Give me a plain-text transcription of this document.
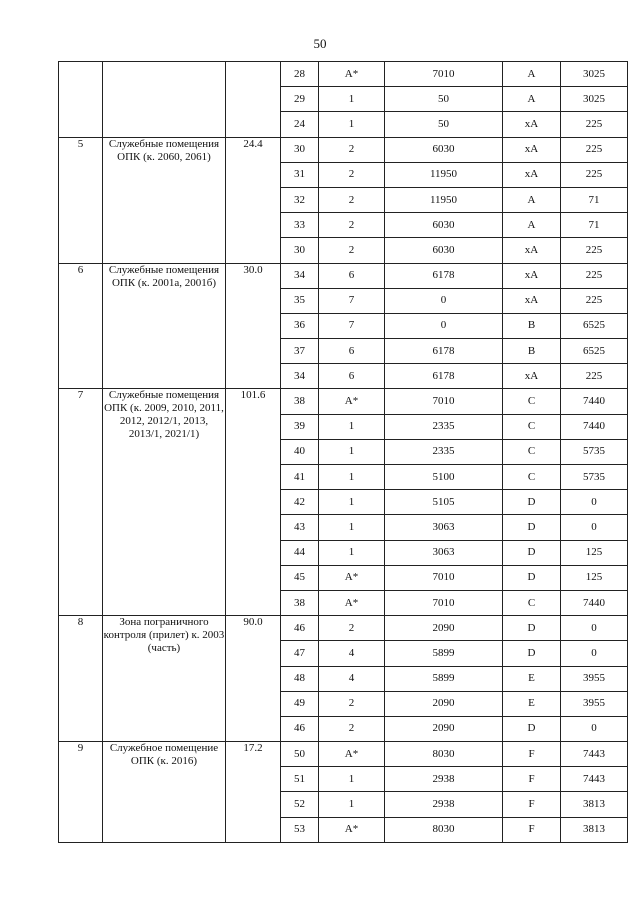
50
			28	А*	7010	A	3025
			29	1	50	A	3025
			24	1	50	xA	225
5	Служебные помещения ОПК (к. 2060, 2061)	24.4	30	2	6030	xA	225
			31	2	11950	xA	225
			32	2	11950	A	71
			33	2	6030	A	71
			30	2	6030	xA	225
6	Служебные помещения ОПК (к. 2001а, 2001б)	30.0	34	6	6178	xA	225
			35	7	0	xA	225
			36	7	0	B	6525
			37	6	6178	B	6525
			34	6	6178	xA	225
7	Служебные помещения ОПК (к. 2009, 2010, 2011, 2012, 2012/1, 2013, 2013/1, 2021/1)	101.6	38	А*	7010	C	7440
			39	1	2335	C	7440
			40	1	2335	C	5735
			41	1	5100	C	5735
			42	1	5105	D	0
			43	1	3063	D	0
			44	1	3063	D	125
			45	А*	7010	D	125
			38	А*	7010	C	7440
8	Зона пограничного контроля (прилет) к. 2003 (часть)	90.0	46	2	2090	D	0
			47	4	5899	D	0
			48	4	5899	E	3955
			49	2	2090	E	3955
			46	2	2090	D	0
9	Служебное помещение ОПК (к. 2016)	17.2	50	А*	8030	F	7443
			51	1	2938	F	7443
			52	1	2938	F	3813
			53	А*	8030	F	3813
